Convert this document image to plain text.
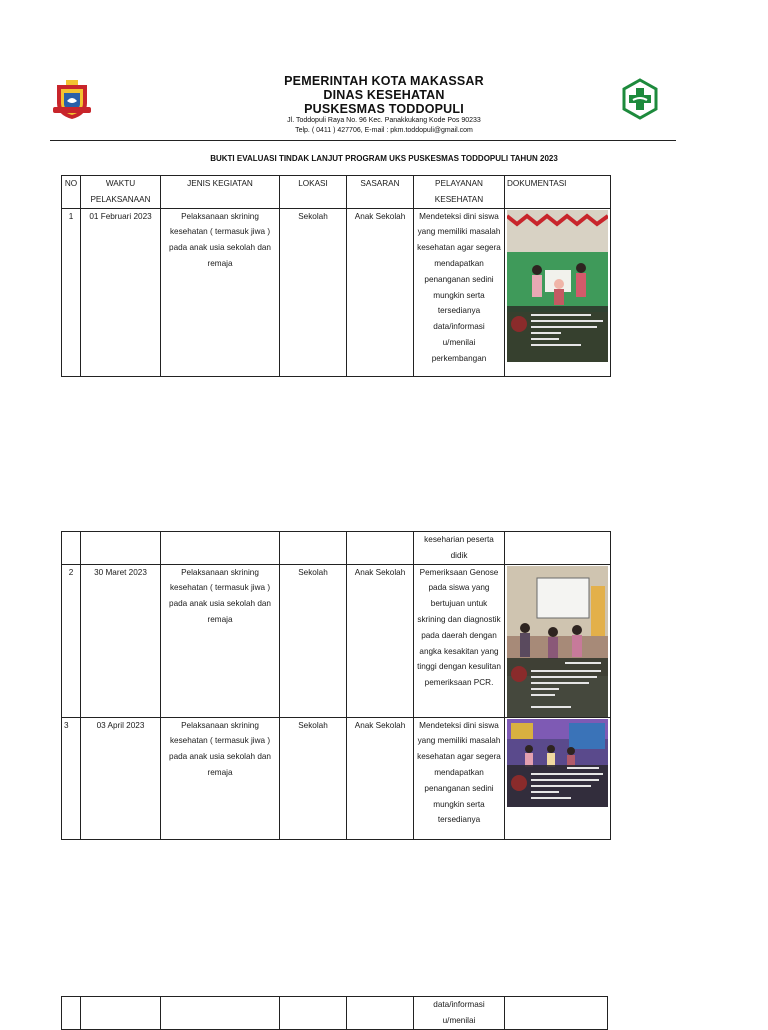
PEMERINTAH KOTA MAKASSAR
DINAS KESEHATAN
PUSKESMAS TODDOPULI
Jl. Toddopuli Raya No. 96 Kec. Panakkukang Kode Pos 90233
Telp. ( 0411 ) 427706, E-mail : pkm.toddopuli@gmail.com
BUKTI EVALUASI TINDAK LANJUT PROGRAM UKS PUSKESMAS TODDOPULI TAHUN 2023
NO	WAKTU PELAKSANAAN	JENIS KEGIATAN	LOKASI	SASARAN	PELAYANAN KESEHATAN	DOKUMENTASI
1	01 Februari 2023	Pelaksanaan skrining kesehatan ( termasuk jiwa ) pada anak usia sekolah dan remaja	Sekolah	Anak Sekolah	Mendeteksi dini siswa yang memiliki masalah kesehatan agar segera mendapatkan penanganan sedini mungkin serta tersedianya data/informasi u/menilai perkembangan	
					keseharian peserta didik	
2	30 Maret 2023	Pelaksanaan skrining kesehatan ( termasuk jiwa ) pada anak usia sekolah dan remaja	Sekolah	Anak Sekolah	Pemeriksaan Genose pada siswa yang bertujuan untuk skrining dan diagnostik pada daerah dengan angka kesakitan yang tinggi dengan kesulitan pemeriksaan PCR.	

3	03 April 2023	Pelaksanaan skrining kesehatan ( termasuk jiwa ) pada anak usia sekolah dan remaja	Sekolah	Anak Sekolah	Mendeteksi dini siswa yang memiliki masalah kesehatan agar segera mendapatkan penanganan sedini mungkin serta tersedianya	
					data/informasi u/menilai	
